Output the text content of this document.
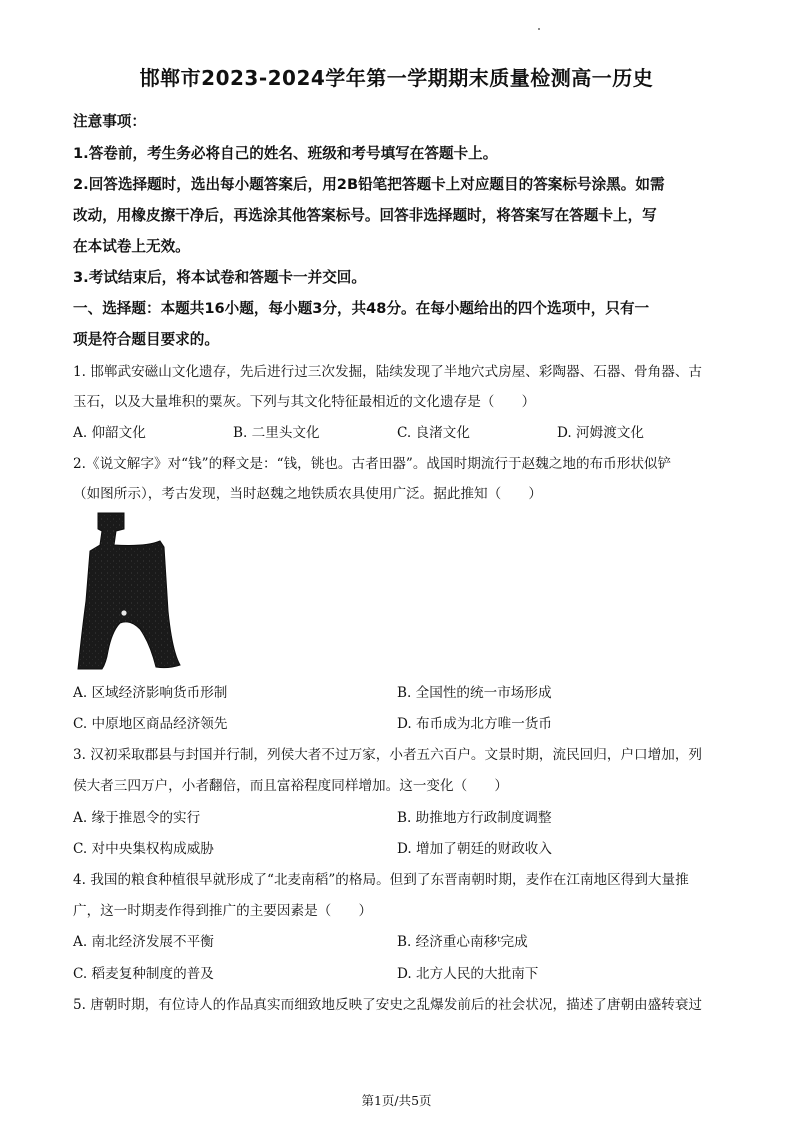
邯郸市2023-2024学年第一学期期末质量检测高一历史
注意事项：
1.答卷前，考生务必将自己的姓名、班级和考号填写在答题卡上。
2.回答选择题时，选出每小题答案后，用2B铅笔把答题卡上对应题目的答案标号涂黑。如需
改动，用橡皮擦干净后，再选涂其他答案标号。回答非选择题时，将答案写在答题卡上，写
在本试卷上无效。
3.考试结束后，将本试卷和答题卡一并交回。
一、选择题：本题共16小题，每小题3分，共48分。在每小题给出的四个选项中，只有一
项是符合题目要求的。
1. 邯郸武安磁山文化遗存，先后进行过三次发掘，陆续发现了半地穴式房屋、彩陶器、石器、骨角器、古
玉石，以及大量堆积的粟灰。下列与其文化特征最相近的文化遗存是（　　）
A. 仰韶文化	B. 二里头文化	C. 良渚文化	D. 河姆渡文化
2.《说文解字》对“钱”的释文是：“钱，铫也。古者田器”。战国时期流行于赵魏之地的布币形状似铲
（如图所示），考古发现，当时赵魏之地铁质农具使用广泛。据此推知（　　）
A. 区域经济影响货币形制	B. 全国性的统一市场形成
C. 中原地区商品经济领先	D. 布币成为北方唯一货币
3. 汉初采取郡县与封国并行制，列侯大者不过万家，小者五六百户。文景时期，流民回归，户口增加，列
侯大者三四万户，小者翻倍，而且富裕程度同样增加。这一变化（　　）
A. 缘于推恩令的实行	B. 助推地方行政制度调整
C. 对中央集权构成威胁	D. 增加了朝廷的财政收入
4. 我国的粮食种植很早就形成了“北麦南稻”的格局。但到了东晋南朝时期，麦作在江南地区得到大量推
广，这一时期麦作得到推广的主要因素是（　　）
A. 南北经济发展不平衡	B. 经济重心南移ᵗ完成
C. 稻麦复种制度的普及	D. 北方人民的大批南下
5. 唐朝时期，有位诗人的作品真实而细致地反映了安史之乱爆发前后的社会状况，描述了唐朝由盛转衰过
第1页/共5页
